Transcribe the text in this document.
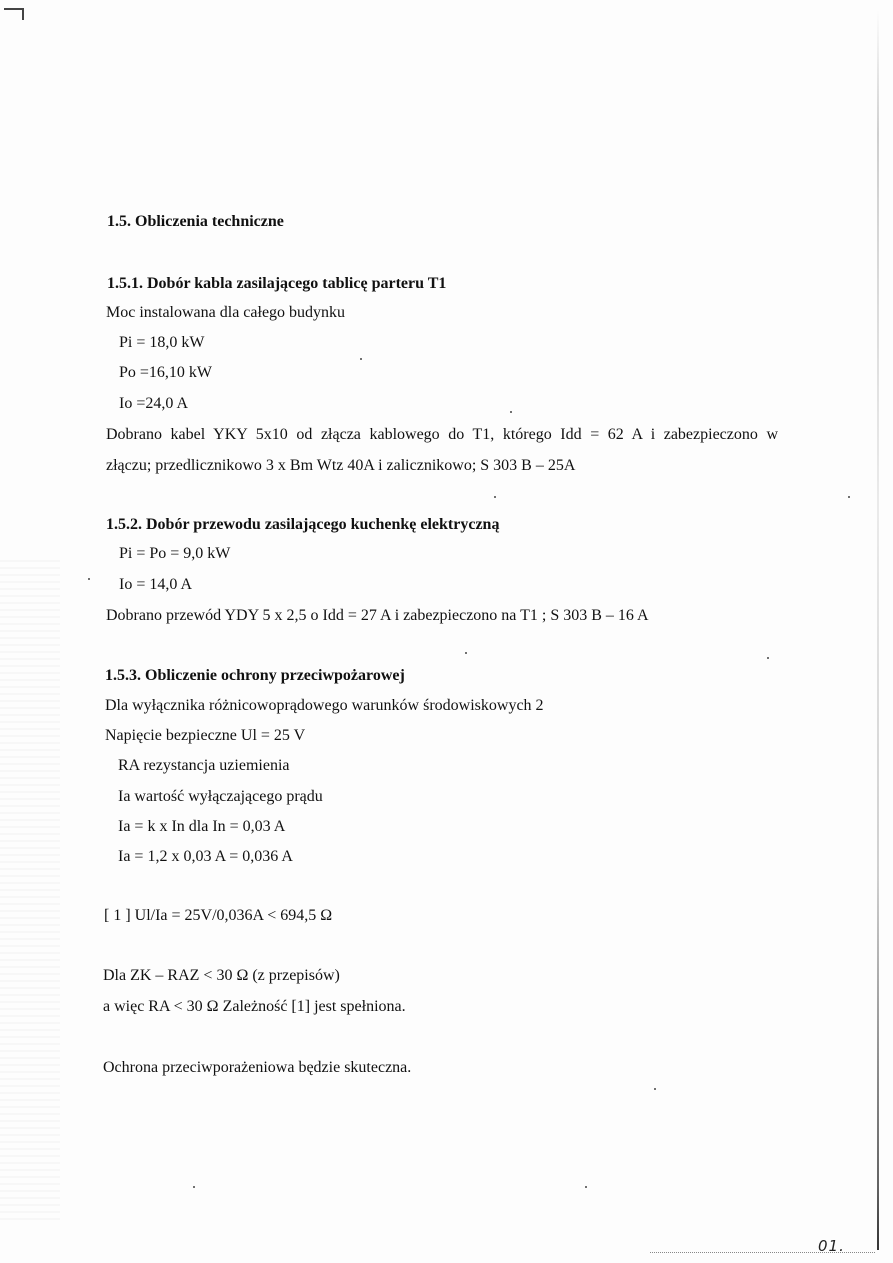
1.5. Obliczenia techniczne
1.5.1. Dobór kabla zasilającego tablicę parteru T1
Moc instalowana dla całego budynku
Pi = 18,0 kW
Po =16,10 kW
Io =24,0 A
Dobrano kabel YKY 5x10 od złącza kablowego do T1, którego Idd = 62 A i zabezpieczono w
złączu; przedlicznikowo 3 x Bm Wtz 40A i zalicznikowo; S 303 B – 25A
1.5.2. Dobór przewodu zasilającego kuchenkę elektryczną
Pi = Po = 9,0 kW
Io = 14,0 A
Dobrano przewód YDY 5 x 2,5 o Idd = 27 A i zabezpieczono na T1 ; S 303 B – 16 A
1.5.3. Obliczenie ochrony przeciwpożarowej
Dla wyłącznika różnicowoprądowego warunków środowiskowych 2
Napięcie bezpieczne Ul = 25 V
RA rezystancja uziemienia
Ia wartość wyłączającego prądu
Ia = k x In dla In = 0,03 A
Ia = 1,2 x 0,03 A = 0,036 A
[ 1 ] Ul/Ia = 25V/0,036A < 694,5 Ω
Dla ZK – RAZ < 30 Ω (z przepisów)
a więc RA < 30 Ω Zależność [1] jest spełniona.
Ochrona przeciwporażeniowa będzie skuteczna.
01.
